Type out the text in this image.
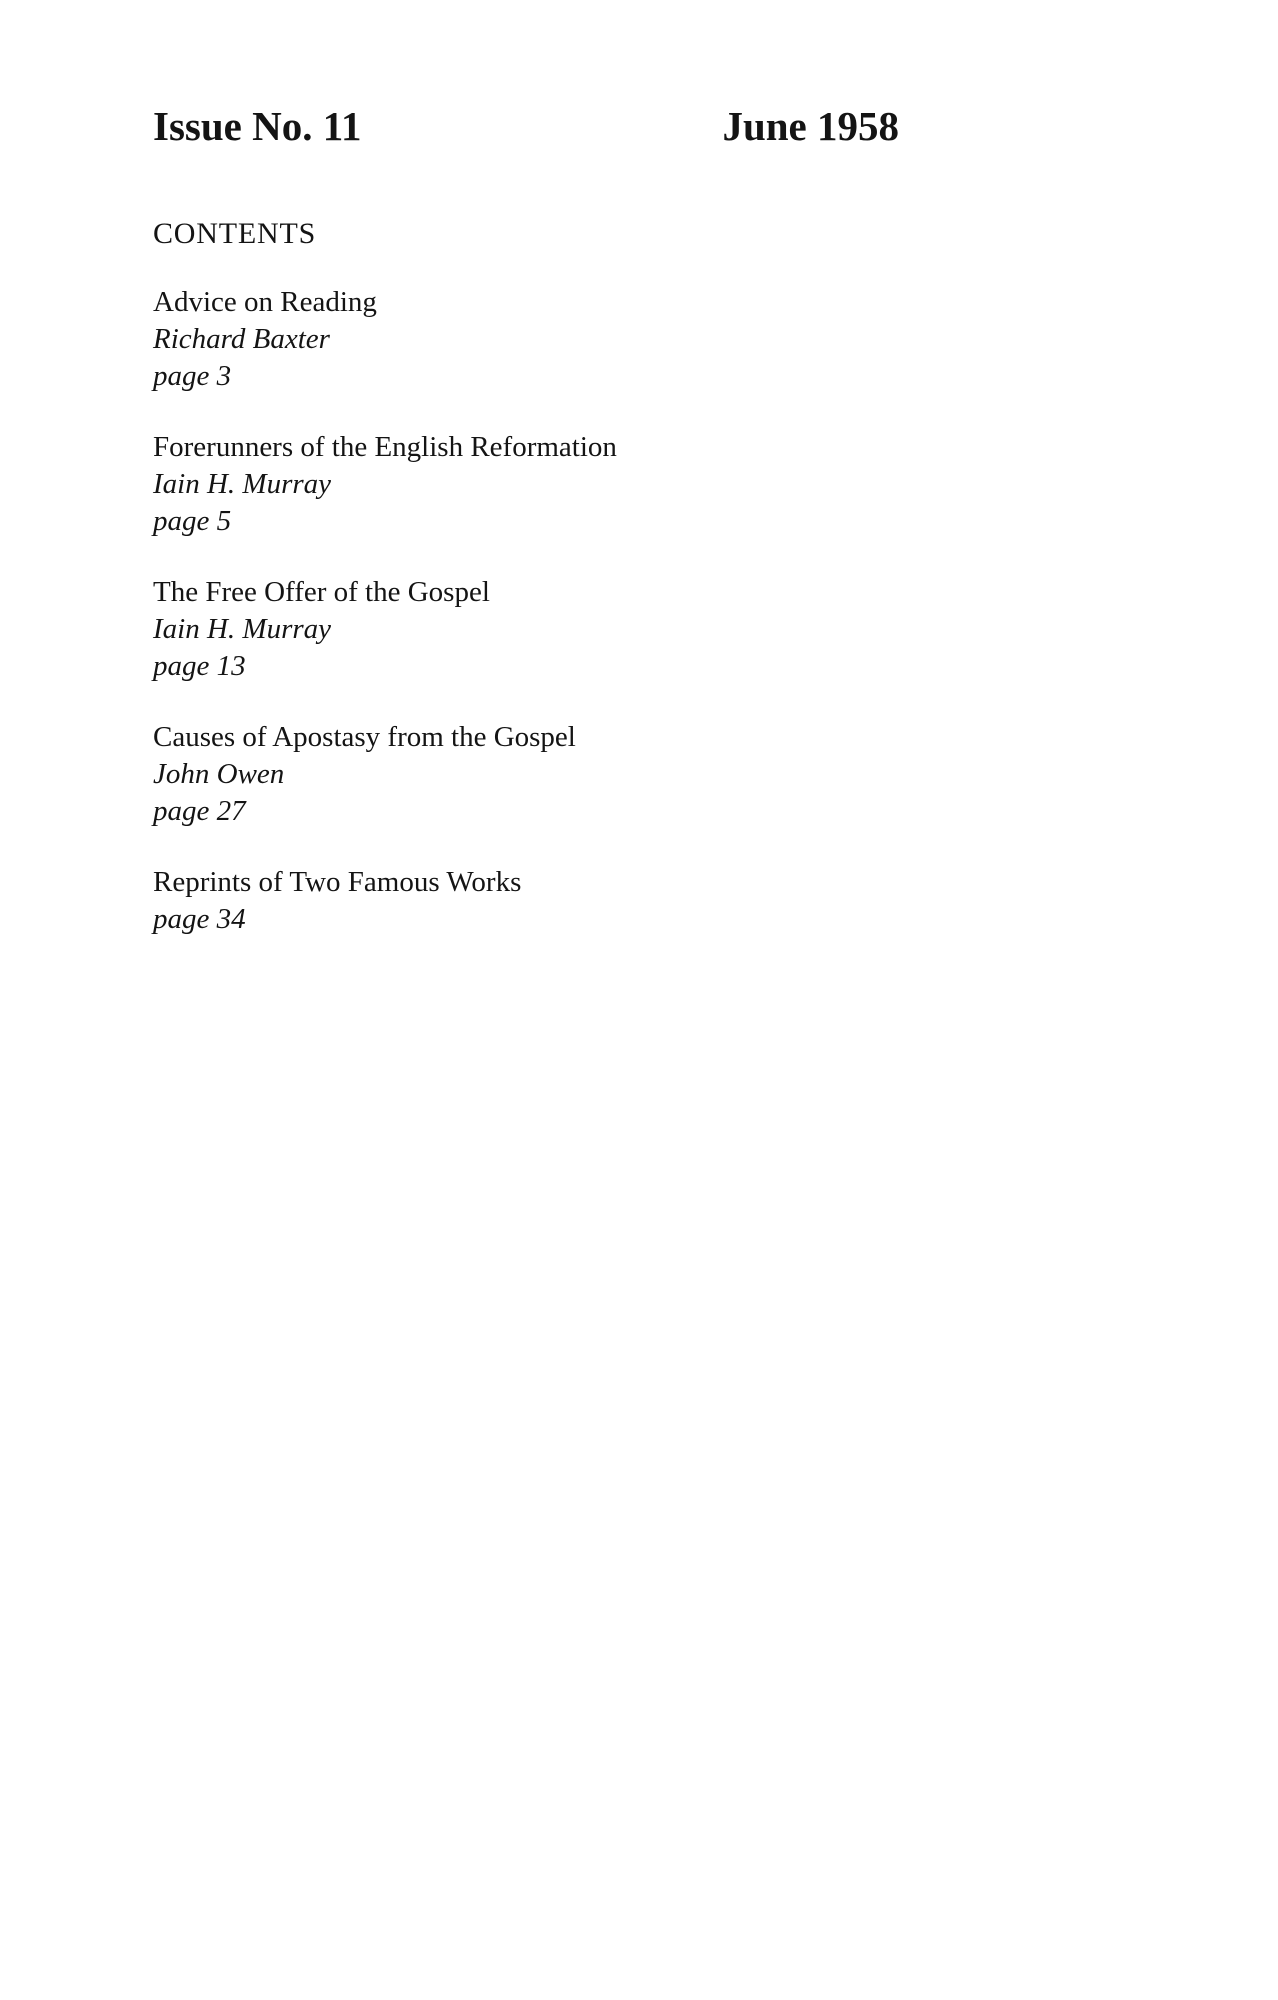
Issue No. 11	June 1958
CONTENTS
Advice on Reading
Richard Baxter
page 3
Forerunners of the English Reformation
Iain H. Murray
page 5
The Free Offer of the Gospel
Iain H. Murray
page 13
Causes of Apostasy from the Gospel
John Owen
page 27
Reprints of Two Famous Works
page 34
